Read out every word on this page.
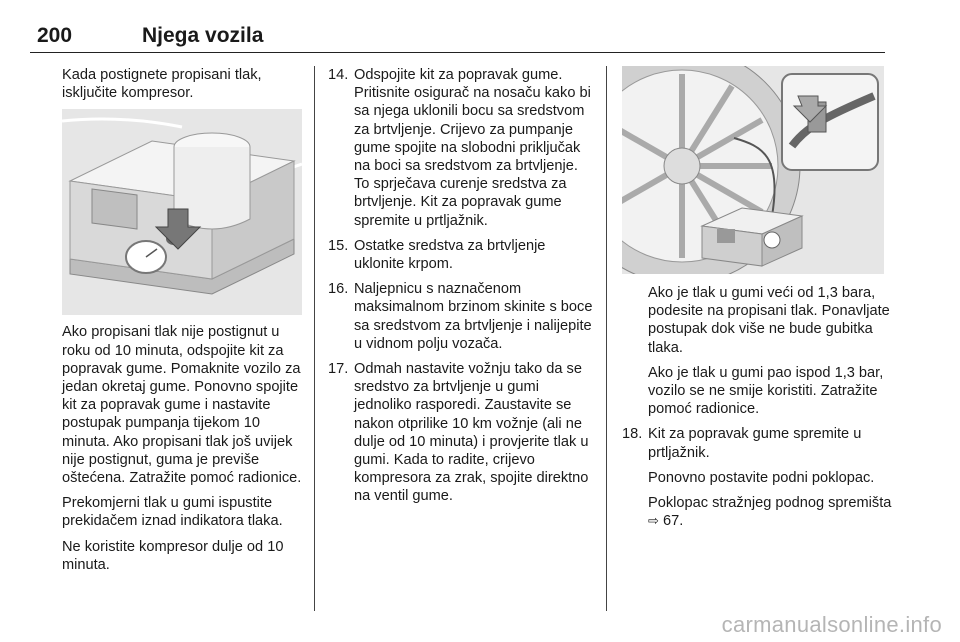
200	Njega vozila

Kada postignete propisani tlak, isključite kompresor.

Ako propisani tlak nije postignut u roku od 10 minuta, odspojite kit za popravak gume. Pomaknite vozilo za jedan okretaj gume. Ponovno spojite kit za popravak gume i nastavite postupak pumpanja tijekom 10 minuta. Ako propisani tlak još uvijek nije postignut, guma je previše oštećena. Zatražite pomoć radionice.

Prekomjerni tlak u gumi ispustite prekidačem iznad indikatora tlaka.

Ne koristite kompresor dulje od 10 minuta.

14. Odspojite kit za popravak gume. Pritisnite osigurač na nosaču kako bi sa njega uklonili bocu sa sredstvom za brtvljenje. Crijevo za pumpanje gume spojite na slobodni priključak na boci sa sredstvom za brtvljenje. To sprječava curenje sredstva za brtvljenje. Kit za popravak gume spremite u prtljažnik.
15. Ostatke sredstva za brtvljenje uklonite krpom.
16. Naljepnicu s naznačenom maksimalnom brzinom skinite s boce sa sredstvom za brtvljenje i nalijepite u vidnom polju vozača.
17. Odmah nastavite vožnju tako da se sredstvo za brtvljenje u gumi jednoliko rasporedi. Zaustavite se nakon otprilike 10 km vožnje (ali ne dulje od 10 minuta) i provjerite tlak u gumi. Kada to radite, crijevo kompresora za zrak, spojite direktno na ventil gume.

Ako je tlak u gumi veći od 1,3 bara, podesite na propisani tlak. Ponavljate postupak dok više ne bude gubitka tlaka.

Ako je tlak u gumi pao ispod 1,3 bar, vozilo se ne smije koristiti. Zatražite pomoć radionice.

18. Kit za popravak gume spremite u prtljažnik.

Ponovno postavite podni poklopac.

Poklopac stražnjeg podnog spremišta ⇨ 67.

carmanualsonline.info
